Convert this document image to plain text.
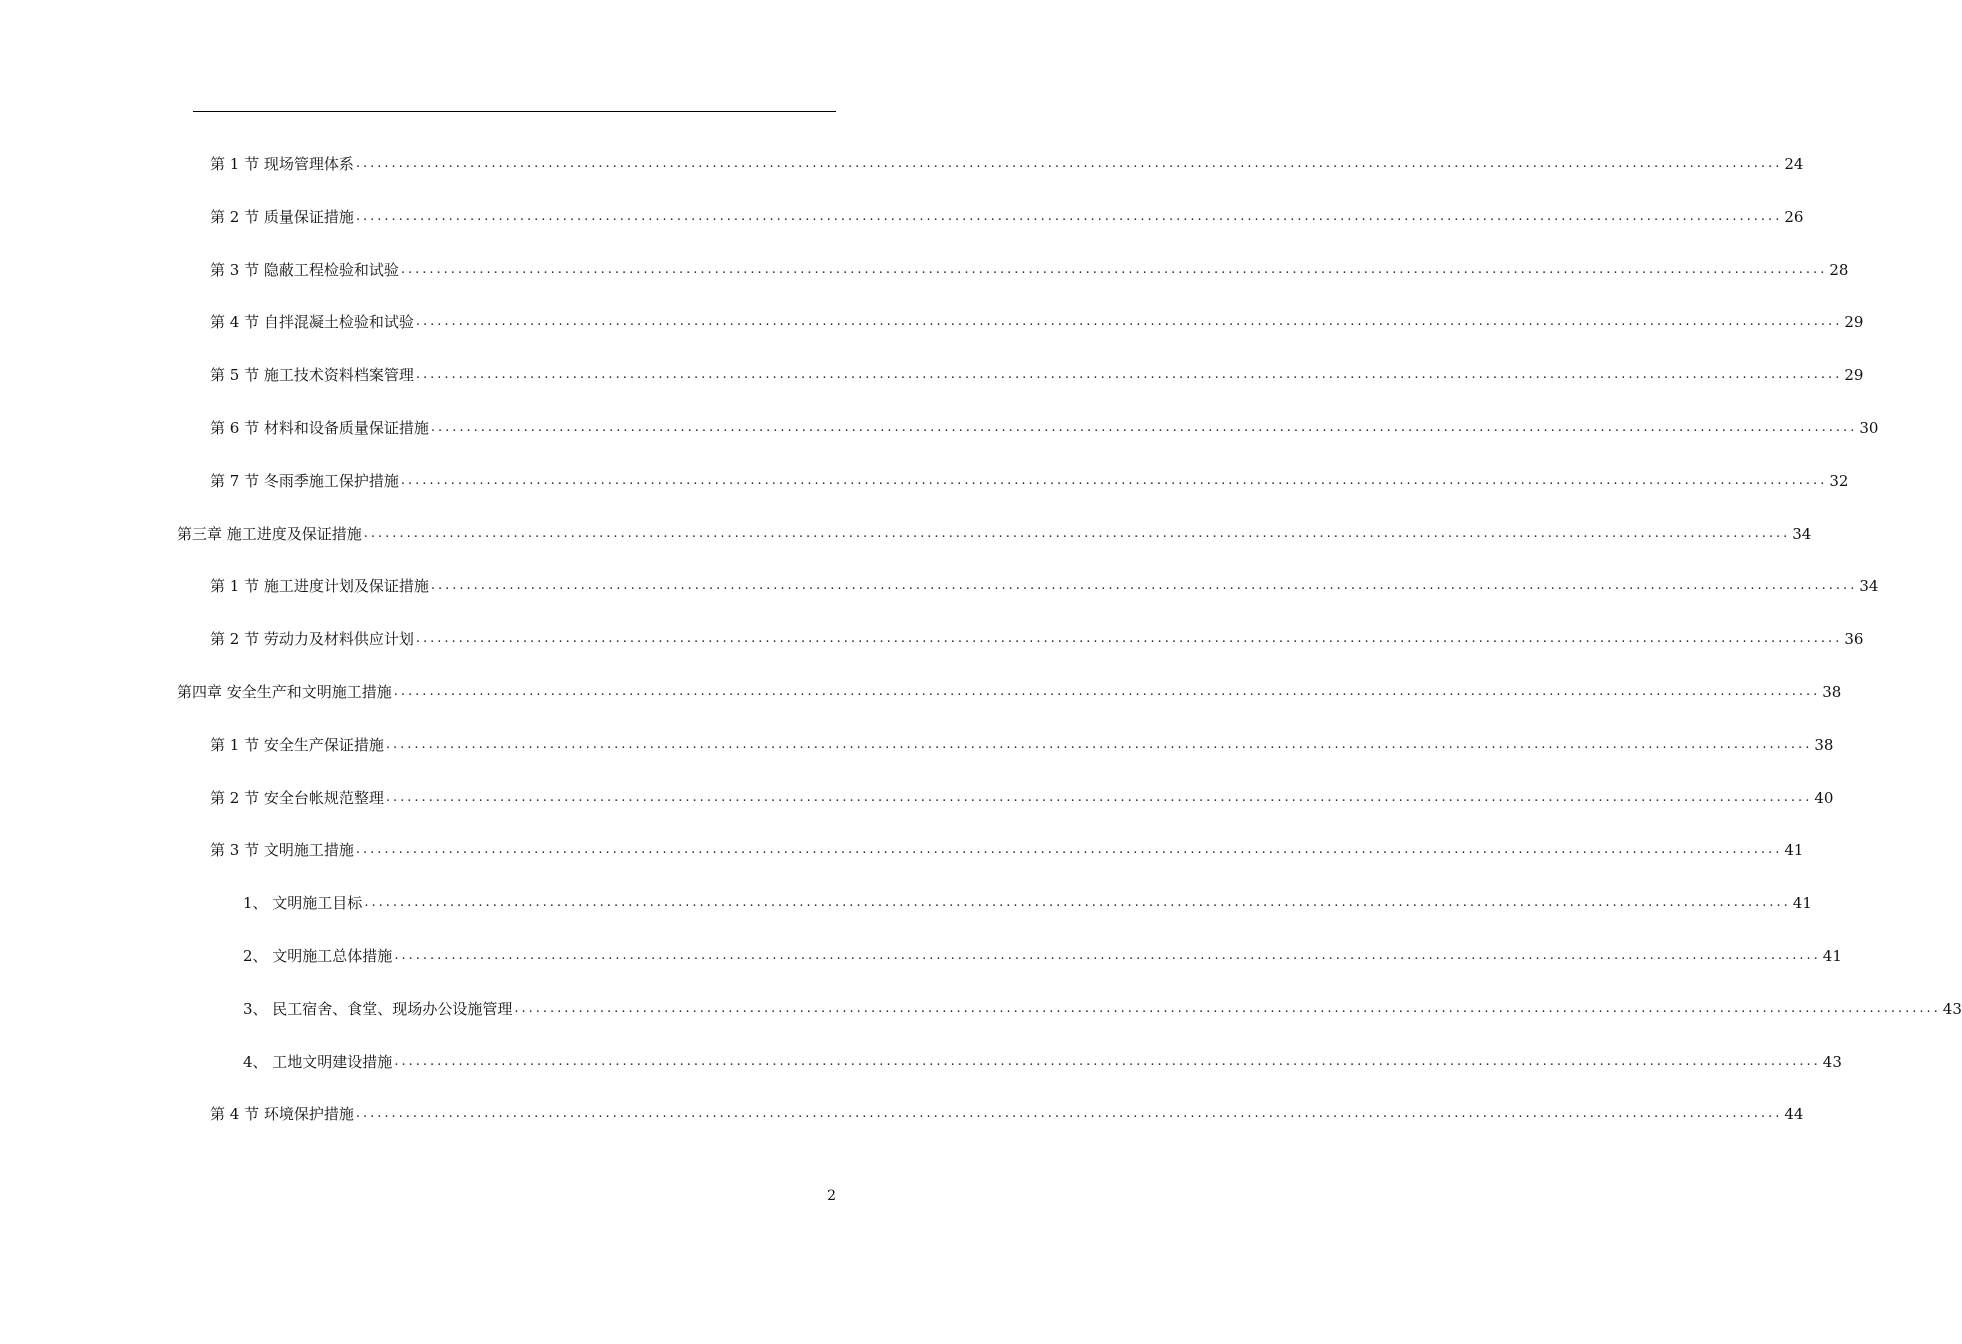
第 1 节 现场管理体系 ........................................................................................................................................................................................................ 24
第 2 节 质量保证措施 ........................................................................................................................................................................................................ 26
第 3 节 隐蔽工程检验和试验 ........................................................................................................................................................................................................ 28
第 4 节 自拌混凝土检验和试验 ........................................................................................................................................................................................................ 29
第 5 节 施工技术资料档案管理 ........................................................................................................................................................................................................ 29
第 6 节 材料和设备质量保证措施 ........................................................................................................................................................................................................ 30
第 7 节 冬雨季施工保护措施 ........................................................................................................................................................................................................ 32
第三章 施工进度及保证措施 ........................................................................................................................................................................................................ 34
第 1 节 施工进度计划及保证措施 ........................................................................................................................................................................................................ 34
第 2 节 劳动力及材料供应计划 ........................................................................................................................................................................................................ 36
第四章 安全生产和文明施工措施 ........................................................................................................................................................................................................ 38
第 1 节 安全生产保证措施 ........................................................................................................................................................................................................ 38
第 2 节 安全台帐规范整理 ........................................................................................................................................................................................................ 40
第 3 节 文明施工措施 ........................................................................................................................................................................................................ 41
1、 文明施工目标 ........................................................................................................................................................................................................ 41
2、 文明施工总体措施 ........................................................................................................................................................................................................ 41
3、 民工宿舍、食堂、现场办公设施管理 ........................................................................................................................................................................................................ 43
4、 工地文明建设措施 ........................................................................................................................................................................................................ 43
第 4 节 环境保护措施 ........................................................................................................................................................................................................ 44
2
